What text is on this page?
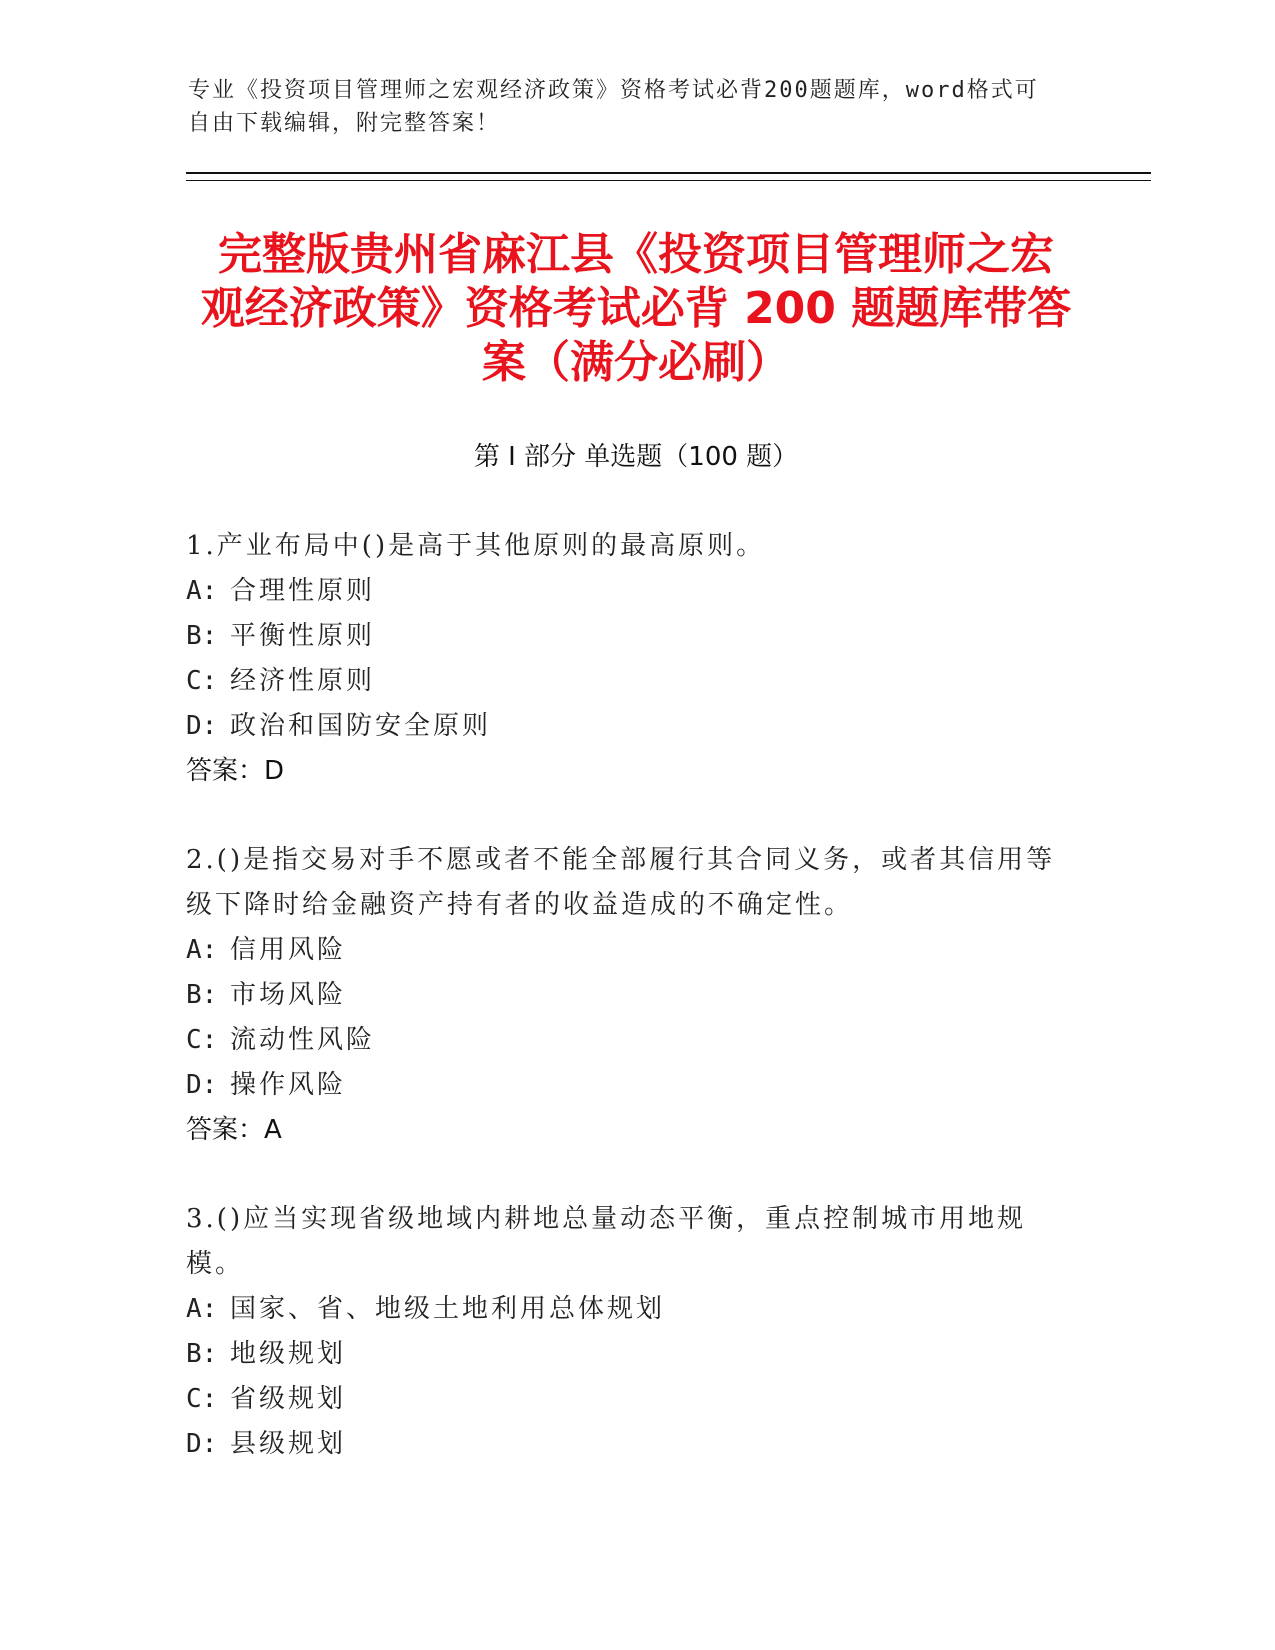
专业《投资项目管理师之宏观经济政策》资格考试必背200题题库，word格式可
自由下载编辑，附完整答案！
完整版贵州省麻江县《投资项目管理师之宏
观经济政策》资格考试必背 200 题题库带答
案（满分必刷）
第 I 部分 单选题（100 题）
1.产业布局中()是高于其他原则的最高原则。
A: 合理性原则
B: 平衡性原则
C: 经济性原则
D: 政治和国防安全原则
答案：D
2.()是指交易对手不愿或者不能全部履行其合同义务，或者其信用等级下降时给金融资产持有者的收益造成的不确定性。
A: 信用风险
B: 市场风险
C: 流动性风险
D: 操作风险
答案：A
3.()应当实现省级地域内耕地总量动态平衡，重点控制城市用地规模。
A: 国家、省、地级土地利用总体规划
B: 地级规划
C: 省级规划
D: 县级规划
